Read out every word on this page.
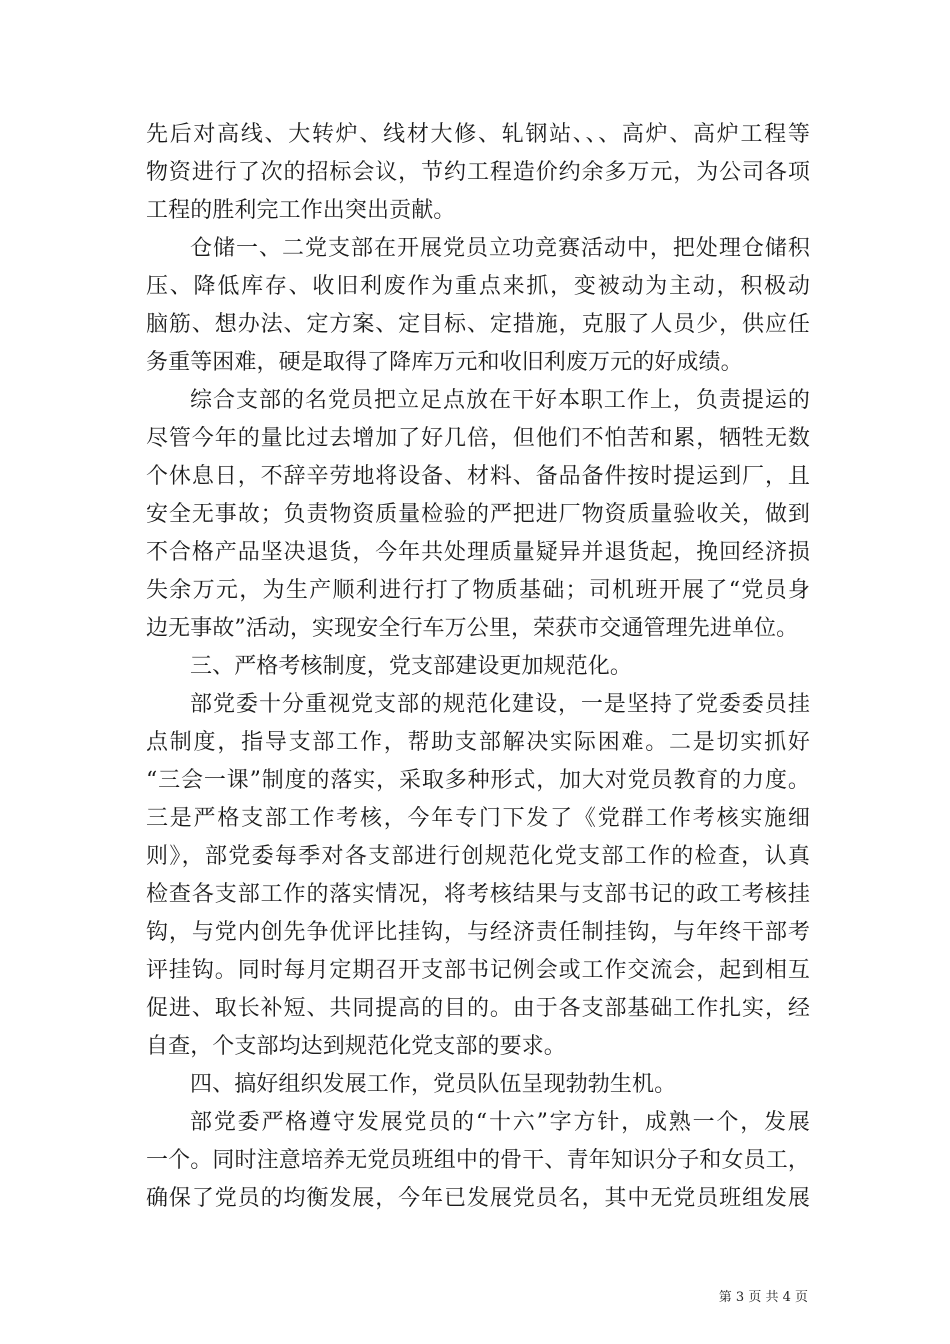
先后对高线、大转炉、线材大修、轧钢站、、、高炉、高炉工程等
物资进行了次的招标会议，节约工程造价约余多万元，为公司各项
工程的胜利完工作出突出贡献。
仓储一、二党支部在开展党员立功竞赛活动中，把处理仓储积
压、降低库存、收旧利废作为重点来抓，变被动为主动，积极动
脑筋、想办法、定方案、定目标、定措施，克服了人员少，供应任
务重等困难，硬是取得了降库万元和收旧利废万元的好成绩。
综合支部的名党员把立足点放在干好本职工作上，负责提运的
尽管今年的量比过去增加了好几倍，但他们不怕苦和累，牺牲无数
个休息日，不辞辛劳地将设备、材料、备品备件按时提运到厂，且
安全无事故；负责物资质量检验的严把进厂物资质量验收关，做到
不合格产品坚决退货，今年共处理质量疑异并退货起，挽回经济损
失余万元，为生产顺利进行打了物质基础；司机班开展了“党员身
边无事故”活动，实现安全行车万公里，荣获市交通管理先进单位。
三、严格考核制度，党支部建设更加规范化。
部党委十分重视党支部的规范化建设，一是坚持了党委委员挂
点制度，指导支部工作，帮助支部解决实际困难。二是切实抓好
“三会一课”制度的落实，采取多种形式，加大对党员教育的力度。
三是严格支部工作考核，今年专门下发了《党群工作考核实施细
则》，部党委每季对各支部进行创规范化党支部工作的检查，认真
检查各支部工作的落实情况，将考核结果与支部书记的政工考核挂
钩，与党内创先争优评比挂钩，与经济责任制挂钩，与年终干部考
评挂钩。同时每月定期召开支部书记例会或工作交流会，起到相互
促进、取长补短、共同提高的目的。由于各支部基础工作扎实，经
自查，个支部均达到规范化党支部的要求。
四、搞好组织发展工作，党员队伍呈现勃勃生机。
部党委严格遵守发展党员的“十六”字方针，成熟一个，发展
一个。同时注意培养无党员班组中的骨干、青年知识分子和女员工，
确保了党员的均衡发展，今年已发展党员名，其中无党员班组发展
第 3 页 共 4 页
